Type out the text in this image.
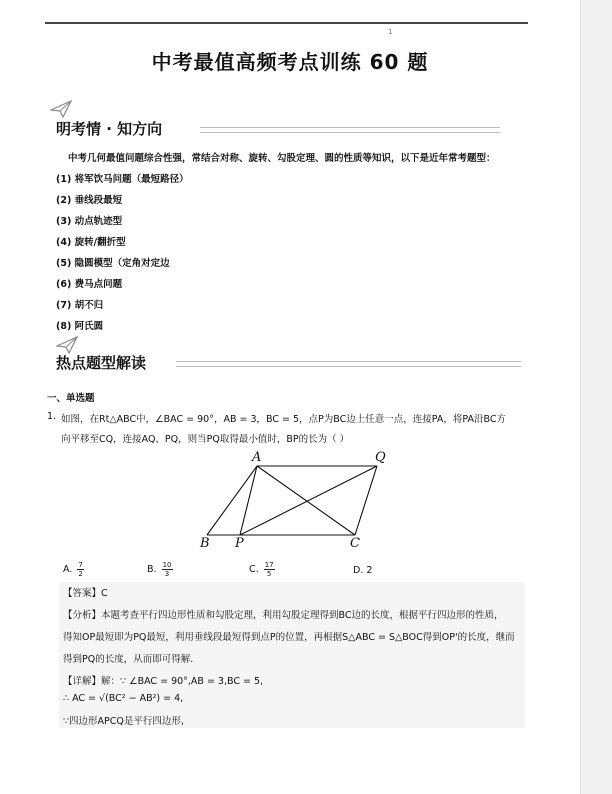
1
中考最值高频考点训练 60 题
明考情 · 知方向
中考几何最值问题综合性强，常结合对称、旋转、勾股定理、圆的性质等知识，以下是近年常考题型：
(1) 将军饮马问题（最短路径）
(2) 垂线段最短
(3) 动点轨迹型
(4) 旋转/翻折型
(5) 隐圆模型（定角对定边
(6) 费马点问题
(7) 胡不归
(8) 阿氏圆
热点题型解读
一、单选题
1. 如图，在Rt△ABC中，∠BAC = 90°，AB = 3，BC = 5，点P为BC边上任意一点，连接PA，将PA沿BC方
向平移至CQ，连接AQ、PQ，则当PQ取得最小值时，BP的长为（ ）
A	Q
B P	C
A. $\frac{7}{2}$	B. $\frac{10}{3}$	C. $\frac{17}{5}$	D. 2
【答案】C
【分析】本题考查平行四边形性质和勾股定理，利用勾股定理得到BC边的长度，根据平行四边形的性质，
得知OP最短即为PQ最短，利用垂线段最短得到点P的位置，再根据S△ABC = S△BOC得到OP'的长度，继而
得到PQ的长度，从而即可得解.
【详解】解：∵ ∠BAC = 90°,AB = 3,BC = 5,
∴ AC = √(BC² − AB²) = 4,
∵四边形APCQ是平行四边形,
